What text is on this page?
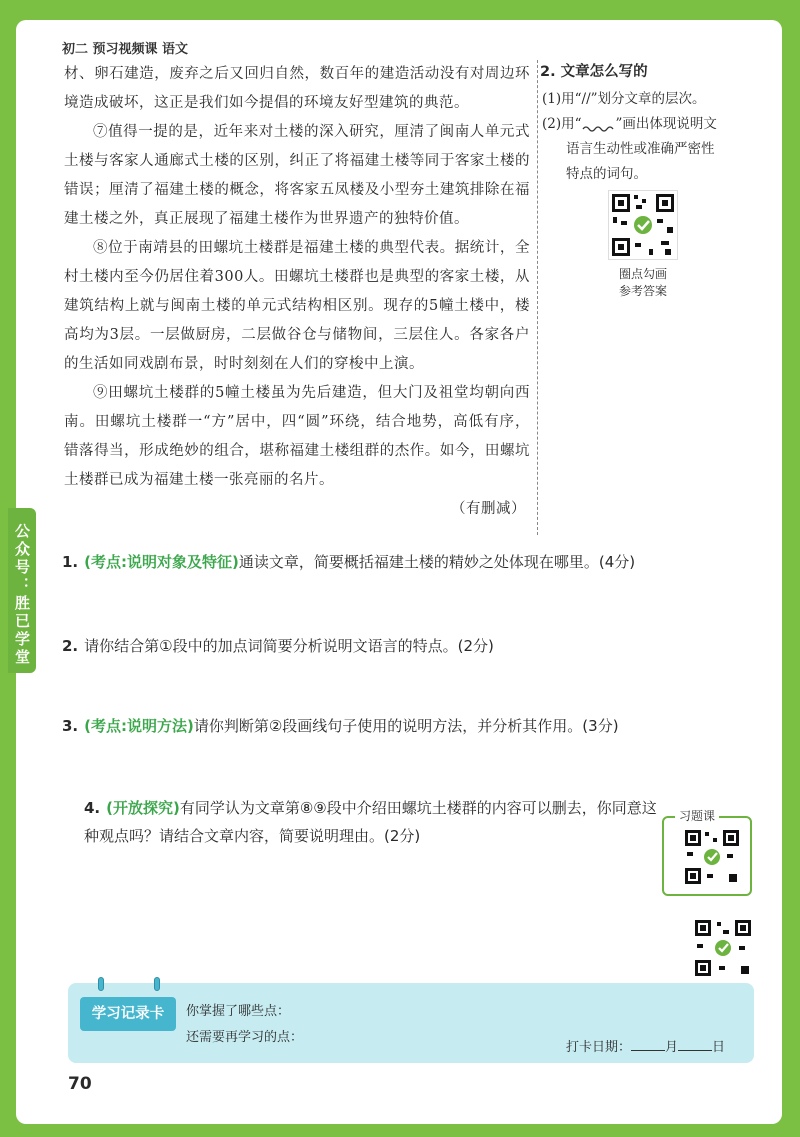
初二 预习视频课 语文
公众号：胜已学堂

材、卵石建造，废弃之后又回归自然，数百年的建造活动没有对周边环境造成破坏，这正是我们如今提倡的环境友好型建筑的典范。

⑦值得一提的是，近年来对土楼的深入研究，厘清了闽南人单元式土楼与客家人通廊式土楼的区别，纠正了将福建土楼等同于客家土楼的错误；厘清了福建土楼的概念，将客家五凤楼及小型夯土建筑排除在福建土楼之外，真正展现了福建土楼作为世界遗产的独特价值。

⑧位于南靖县的田螺坑土楼群是福建土楼的典型代表。据统计，全村土楼内至今仍居住着300人。田螺坑土楼群也是典型的客家土楼，从建筑结构上就与闽南土楼的单元式结构相区别。现存的5幢土楼中，楼高均为3层。一层做厨房，二层做谷仓与储物间，三层住人。各家各户的生活如同戏剧布景，时时刻刻在人们的穿梭中上演。

⑨田螺坑土楼群的5幢土楼虽为先后建造，但大门及祖堂均朝向西南。田螺坑土楼群一“方”居中，四“圆”环绕，结合地势，高低有序，错落得当，形成绝妙的组合，堪称福建土楼组群的杰作。如今，田螺坑土楼群已成为福建土楼一张亮丽的名片。

（有删减）

2. 文章怎么写的
(1)用“//”划分文章的层次。
(2)用“	”画出体现说明文
语言生动性或准确严密性
特点的词句。
圈点勾画
参考答案
1. (考点:说明对象及特征)通读文章，简要概括福建土楼的精妙之处体现在哪里。(4分)
2. 请你结合第①段中的加点词简要分析说明文语言的特点。(2分)
3. (考点:说明方法)请你判断第②段画线句子使用的说明方法，并分析其作用。(3分)
4. (开放探究)有同学认为文章第⑧⑨段中介绍田螺坑土楼群的内容可以删去，你同意这种观点吗？请结合文章内容，简要说明理由。(2分)
习题课
学习记录卡	你掌握了哪些点：
还需要再学习的点：
打卡日期：	月	日
70
